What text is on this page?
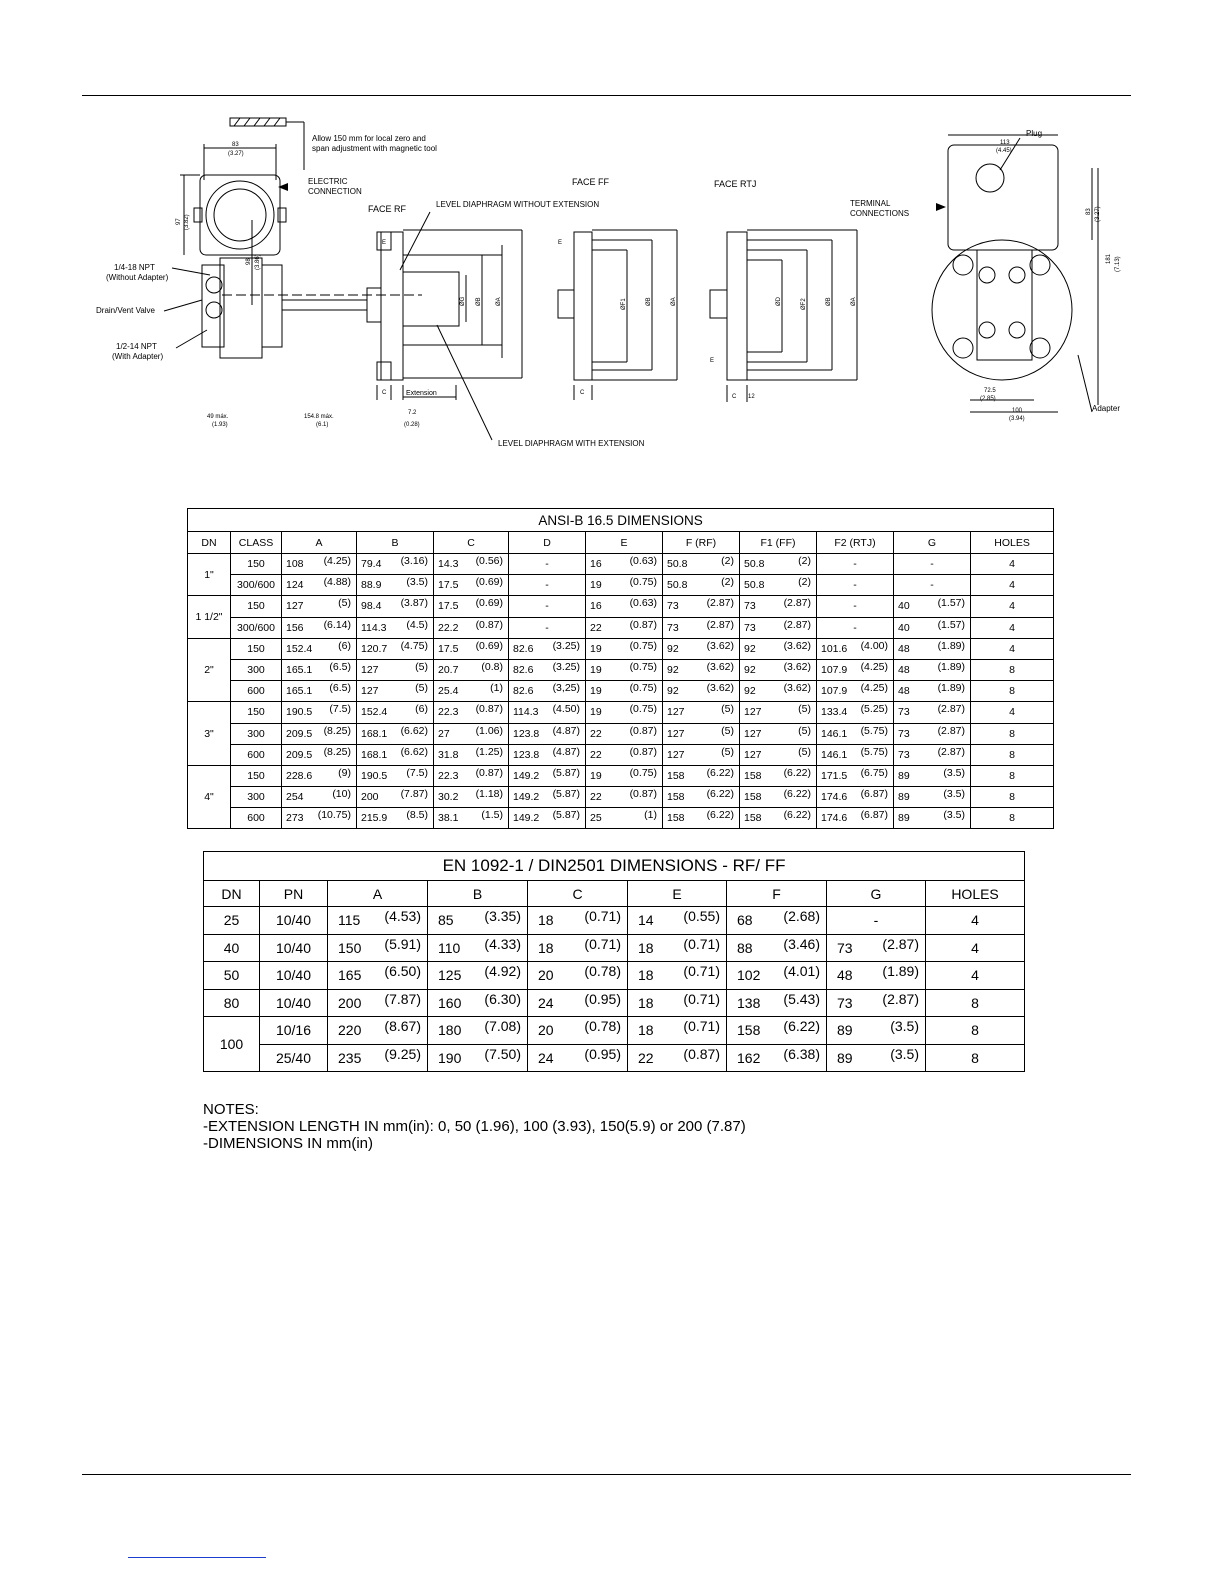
Allow 150 mm for local zero and
span adjustment with magnetic tool
ELECTRIC
CONNECTION
1/4-18 NPT
(Without Adapter)
Drain/Vent Valve
1/2-14 NPT
(With Adapter)
FACE RF
FACE FF	FACE RTJ
LEVEL DIAPHRAGM WITHOUT EXTENSION
LEVEL DIAPHRAGM WITH EXTENSION
Extension
TERMINAL
CONNECTIONS
Plug
Adapter
83
(3.27)
49 máx.
(1.93)
154.8 máx.
(6.1)
7.2
(0.28)
113
(4.45)
72.5
(2.85)
100
(3.94)
12
C	C
C
E	E
E
97 (3.82)
98 (3.86)
ØG ØB ØA	ØF1	ØB	ØA	ØD	ØF2	ØB	ØA
83 (3.27)
181 (7.13)
ANSI-B 16.5 DIMENSIONS											
DN	CLASS	A	B	C	D	E	F (RF)	F1 (FF)	F2 (RTJ)	G	HOLES
1"	150	108 (4.25)	79.4 (3.16)	14.3 (0.56)	-	16 (0.63)	50.8 (2)	50.8 (2)	-	-	4
	300/600	124 (4.88)	88.9 (3.5)	17.5 (0.69)	-	19 (0.75)	50.8 (2)	50.8 (2)	-	-	4
1 1/2"	150	127 (5)	98.4 (3.87)	17.5 (0.69)	-	16 (0.63)	73 (2.87)	73 (2.87)	-	40 (1.57)	4
	300/600	156 (6.14)	114.3 (4.5)	22.2 (0.87)	-	22 (0.87)	73 (2.87)	73 (2.87)	-	40 (1.57)	4
2"	150	152.4 (6)	120.7 (4.75)	17.5 (0.69)	82.6 (3.25)	19 (0.75)	92 (3.62)	92 (3.62)	101.6 (4.00)	48 (1.89)	4
	300	165.1 (6.5)	127 (5)	20.7 (0.8)	82.6 (3.25)	19 (0.75)	92 (3.62)	92 (3.62)	107.9 (4.25)	48 (1.89)	8
	600	165.1 (6.5)	127 (5)	25.4 (1)	82.6 (3,25)	19 (0.75)	92 (3.62)	92 (3.62)	107.9 (4.25)	48 (1.89)	8
3"	150	190.5 (7.5)	152.4 (6)	22.3 (0.87)	114.3 (4.50)	19 (0.75)	127 (5)	127 (5)	133.4 (5.25)	73 (2.87)	4
	300	209.5 (8.25)	168.1 (6.62)	27 (1.06)	123.8 (4.87)	22 (0.87)	127 (5)	127 (5)	146.1 (5.75)	73 (2.87)	8
	600	209.5 (8.25)	168.1 (6.62)	31.8 (1.25)	123.8 (4.87)	22 (0.87)	127 (5)	127 (5)	146.1 (5.75)	73 (2.87)	8
4"	150	228.6 (9)	190.5 (7.5)	22.3 (0.87)	149.2 (5.87)	19 (0.75)	158 (6.22)	158 (6.22)	171.5 (6.75)	89 (3.5)	8
	300	254 (10)	200 (7.87)	30.2 (1.18)	149.2 (5.87)	22 (0.87)	158 (6.22)	158 (6.22)	174.6 (6.87)	89 (3.5)	8
	600	273 (10.75)	215.9 (8.5)	38.1 (1.5)	149.2 (5.87)	25 (1)	158 (6.22)	158 (6.22)	174.6 (6.87)	89 (3.5)	8
EN 1092-1 / DIN2501 DIMENSIONS - RF/ FF								
DN	PN	A	B	C	E	F	G	HOLES
25	10/40	115 (4.53)	85 (3.35)	18 (0.71)	14 (0.55)	68 (2.68)	-	4
40	10/40	150 (5.91)	110 (4.33)	18 (0.71)	18 (0.71)	88 (3.46)	73 (2.87)	4
50	10/40	165 (6.50)	125 (4.92)	20 (0.78)	18 (0.71)	102 (4.01)	48 (1.89)	4
80	10/40	200 (7.87)	160 (6.30)	24 (0.95)	18 (0.71)	138 (5.43)	73 (2.87)	8
100	10/16	220 (8.67)	180 (7.08)	20 (0.78)	18 (0.71)	158 (6.22)	89 (3.5)	8
	25/40	235 (9.25)	190 (7.50)	24 (0.95)	22 (0.87)	162 (6.38)	89 (3.5)	8
NOTES:
-EXTENSION LENGTH IN mm(in): 0, 50 (1.96), 100 (3.93), 150(5.9) or 200 (7.87)
-DIMENSIONS IN mm(in)
